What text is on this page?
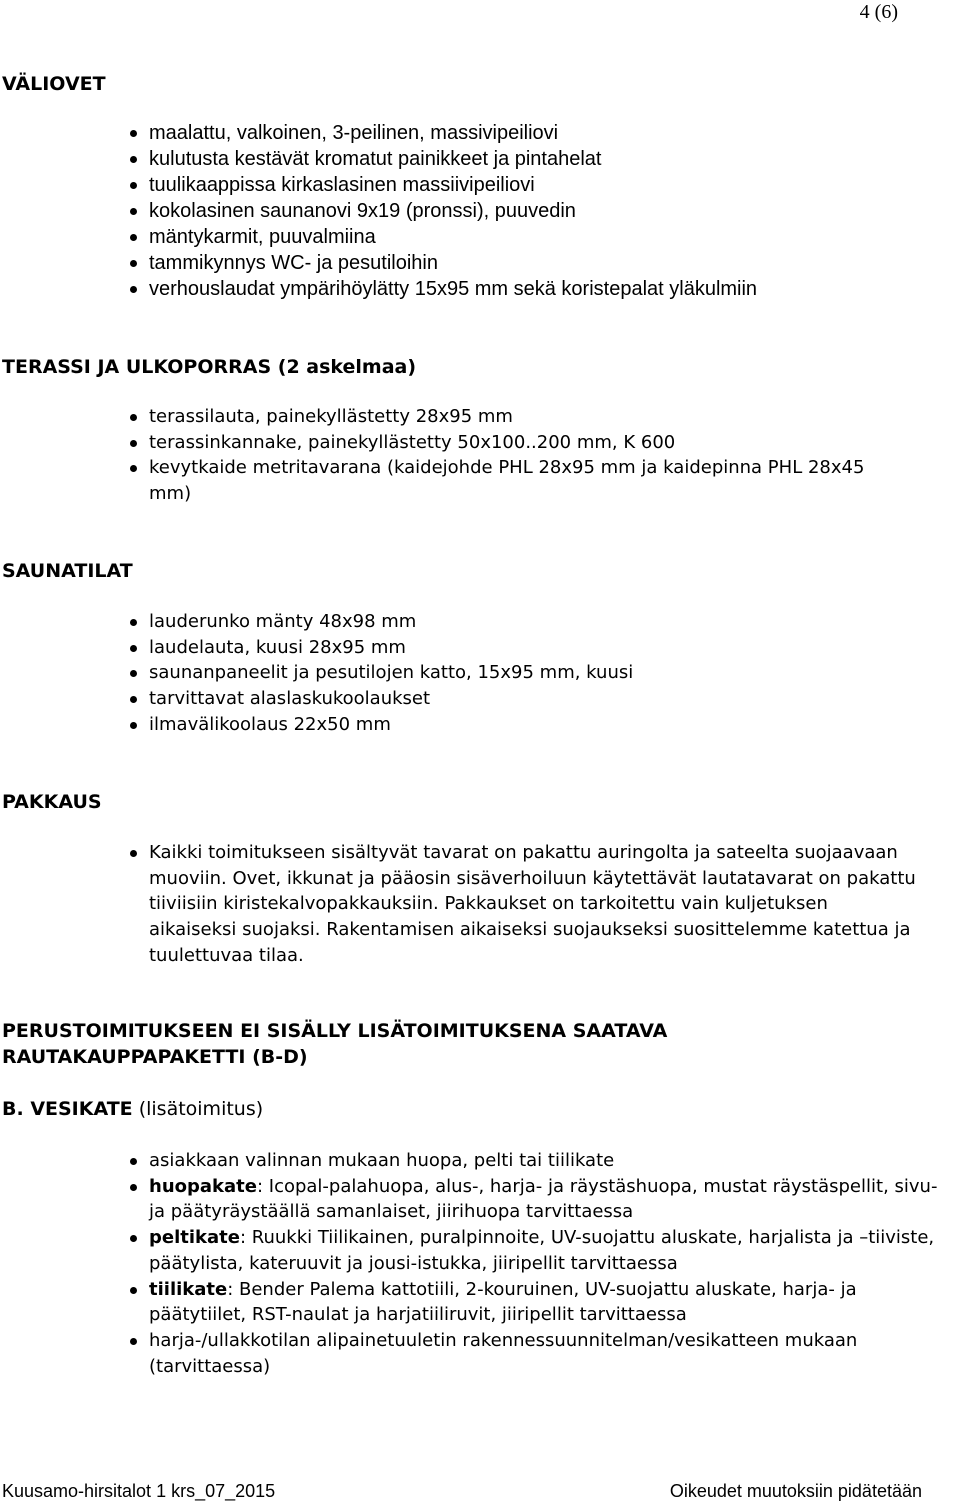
4 (6)
VÄLIOVET
maalattu, valkoinen, 3-peilinen, massivipeiliovi
kulutusta kestävät kromatut painikkeet ja pintahelat
tuulikaappissa kirkaslasinen massiivipeiliovi
kokolasinen saunanovi 9x19 (pronssi), puuvedin
mäntykarmit, puuvalmiina
tammikynnys WC- ja pesutiloihin
verhouslaudat ympärihöylätty 15x95 mm sekä koristepalat yläkulmiin
TERASSI JA ULKOPORRAS (2 askelmaa)
terassilauta, painekyllästetty 28x95 mm
terassinkannake, painekyllästetty 50x100..200 mm, K 600
kevytkaide metritavarana (kaidejohde PHL 28x95 mm ja kaidepinna PHL 28x45 mm)
SAUNATILAT
lauderunko mänty 48x98 mm
laudelauta, kuusi 28x95 mm
saunanpaneelit ja pesutilojen katto, 15x95 mm, kuusi
tarvittavat alaslaskukoolaukset
ilmavälikoolaus 22x50 mm
PAKKAUS
Kaikki toimitukseen sisältyvät tavarat on pakattu auringolta ja sateelta suojaavaan muoviin. Ovet, ikkunat ja pääosin sisäverhoiluun käytettävät lautatavarat on pakattu tiiviisiin kiristekalvopakkauksiin. Pakkaukset on tarkoitettu vain kuljetuksen aikaiseksi suojaksi. Rakentamisen aikaiseksi suojaukseksi suosittelemme katettua ja tuulettuvaa tilaa.
PERUSTOIMITUKSEEN EI SISÄLLY LISÄTOIMITUKSENA SAATAVA RAUTAKAUPPAPAKETTI (B-D)
B. VESIKATE (lisätoimitus)
asiakkaan valinnan mukaan huopa, pelti tai tiilikate
huopakate: Icopal-palahuopa, alus-, harja- ja räystäshuopa, mustat räystäspellit, sivu- ja päätyräystäällä samanlaiset, jiirihuopa tarvittaessa
peltikate: Ruukki Tiilikainen, puralpinnoite, UV-suojattu aluskate, harjalista ja –tiiviste, päätylista, kateruuvit ja jousi-istukka, jiiripellit tarvittaessa
tiilikate: Bender Palema kattotiili, 2-kouruinen, UV-suojattu aluskate, harja- ja päätytiilet, RST-naulat ja harjatiiliruvit, jiiripellit tarvittaessa
harja-/ullakkotilan alipainetuuletin rakennessuunnitelman/vesikatteen mukaan (tarvittaessa)
Kuusamo-hirsitalot 1 krs_07_2015	Oikeudet muutoksiin pidätetään
